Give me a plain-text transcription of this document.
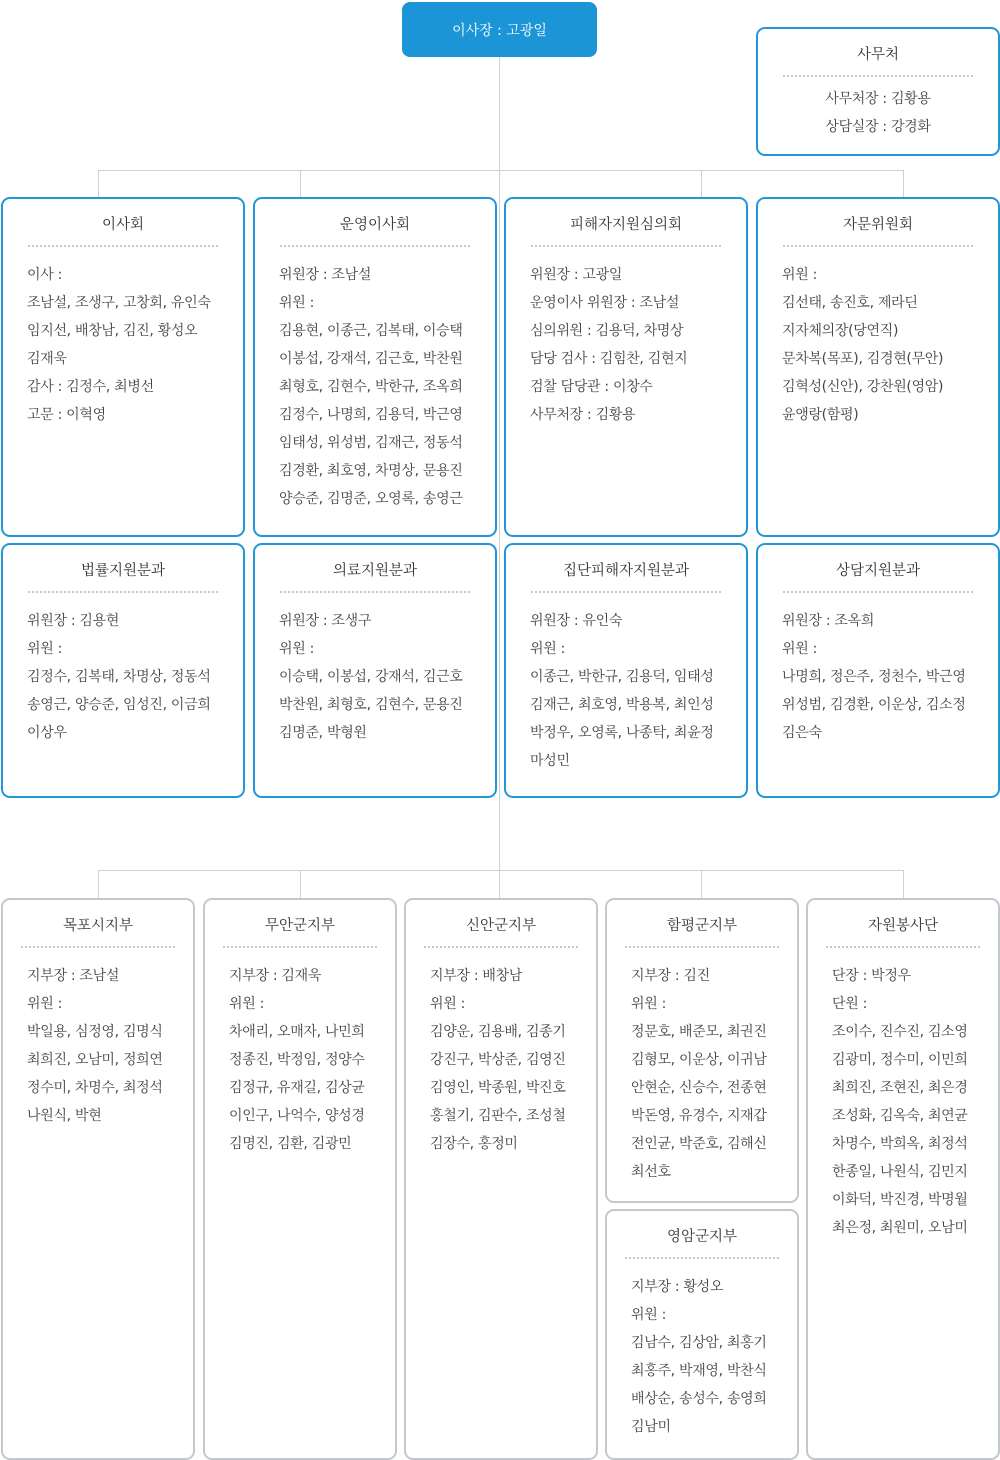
이사장 : 고광일
사무처
사무처장 : 김황용
상담실장 : 강경화
이사회
이사 :
조남설, 조생구, 고창회, 유인숙
임지선, 배창남, 김진, 황성오
김재욱
감사 : 김정수, 최병선
고문 : 이혁영
운영이사회
위원장 : 조남설
위원 :
김용현, 이종근, 김복태, 이승택
이봉섭, 강재석, 김근호, 박찬원
최형호, 김현수, 박한규, 조옥희
김정수, 나명희, 김용덕, 박근영
임태성, 위성범, 김재근, 정동석
김경환, 최호영, 차명상, 문용진
양승준, 김명준, 오영록, 송영근
피해자지원심의회
위원장 : 고광일
운영이사 위원장 : 조남설
심의위원 : 김용덕, 차명상
담당 검사 : 김힘찬, 김현지
검찰 담당관 : 이창수
사무처장 : 김황용
자문위원회
위원 :
김선태, 송진호, 제라딘
지자체의장(당연직)
문차복(목포), 김경현(무안)
김혁성(신안), 강찬원(영암)
윤앵랑(함평)
법률지원분과
위원장 : 김용현
위원 :
김정수, 김복태, 차명상, 정동석
송영근, 양승준, 임성진, 이금희
이상우
의료지원분과
위원장 : 조생구
위원 :
이승택, 이봉섭, 강재석, 김근호
박찬원, 최형호, 김현수, 문용진
김명준, 박형원
집단피해자지원분과
위원장 : 유인숙
위원 :
이종근, 박한규, 김용덕, 임태성
김재근, 최호영, 박용복, 최인성
박정우, 오영록, 나종탁, 최윤정
마성민
상담지원분과
위원장 : 조옥희
위원 :
나명희, 정은주, 정천수, 박근영
위성범, 김경환, 이운상, 김소정
김은숙
목포시지부
지부장 : 조남설
위원 :
박일용, 심정영, 김명식
최희진, 오남미, 정희연
정수미, 차명수, 최정석
나원식, 박현
무안군지부
지부장 : 김재욱
위원 :
차애리, 오매자, 나민희
정종진, 박정임, 정양수
김정규, 유재길, 김상균
이인구, 나억수, 양성경
김명진, 김환, 김광민
신안군지부
지부장 : 배창남
위원 :
김양운, 김용배, 김종기
강진구, 박상준, 김영진
김영인, 박종원, 박진호
홍철기, 김판수, 조성철
김장수, 홍정미
함평군지부
지부장 : 김진
위원 :
정문호, 배준모, 최권진
김형모, 이운상, 이귀남
안현순, 신승수, 전종현
박돈영, 유경수, 지재갑
전인균, 박준호, 김해신
최선호
영암군지부
지부장 : 황성오
위원 :
김남수, 김상암, 최홍기
최홍주, 박재영, 박찬식
배상순, 송성수, 송영희
김남미
자원봉사단
단장 : 박정우
단원 :
조이수, 진수진, 김소영
김광미, 정수미, 이민희
최희진, 조현진, 최은경
조성화, 김옥숙, 최연균
차명수, 박희옥, 최정석
한종일, 나원식, 김민지
이화덕, 박진경, 박명월
최은정, 최원미, 오남미
